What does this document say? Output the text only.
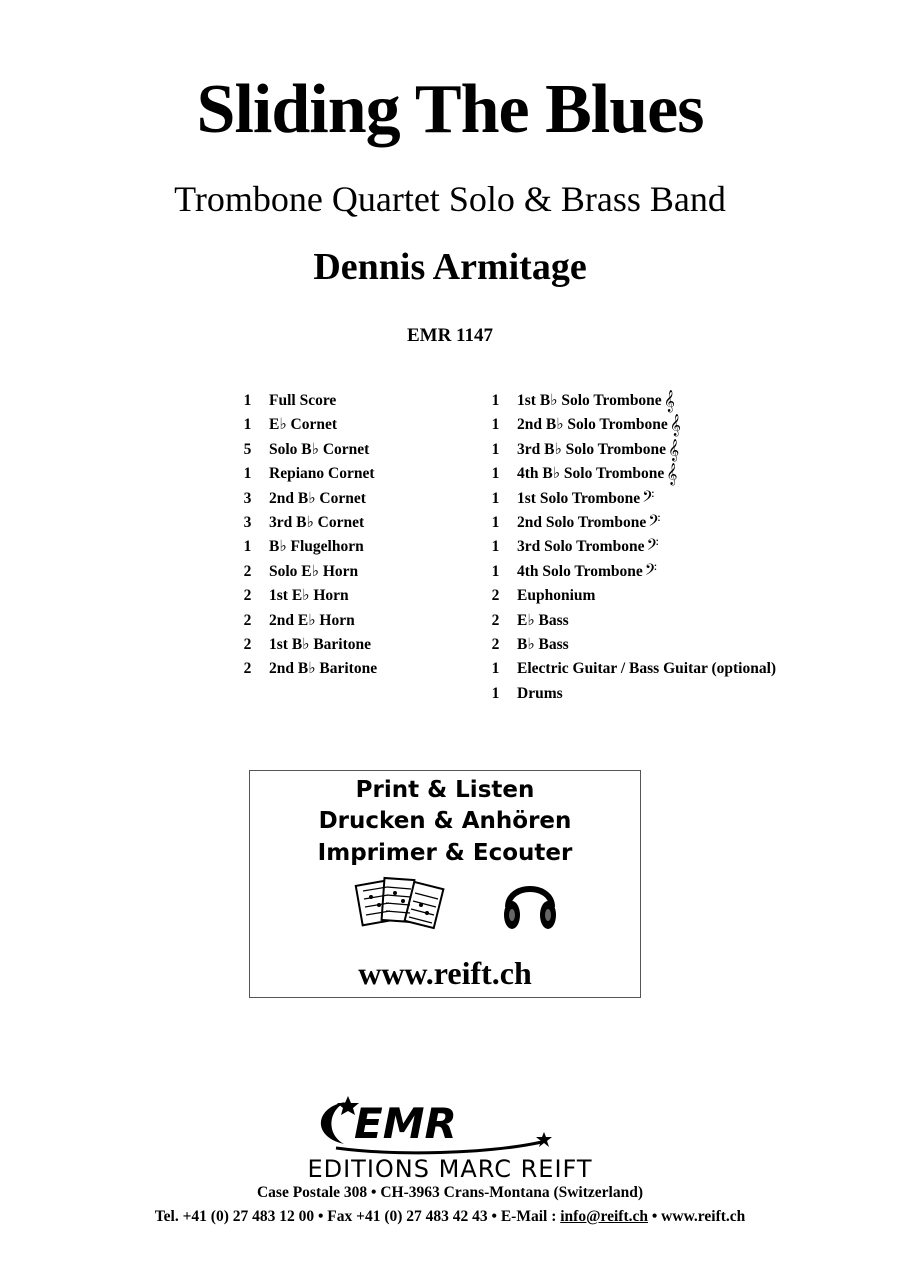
Sliding The Blues
Trombone Quartet Solo & Brass Band
Dennis Armitage
EMR 1147
1	Full Score
1	E♭ Cornet
5	Solo B♭ Cornet
1	Repiano Cornet
3	2nd B♭ Cornet
3	3rd B♭ Cornet
1	B♭ Flugelhorn
2	Solo E♭ Horn
2	1st E♭ Horn
2	2nd E♭ Horn
2	1st B♭ Baritone
2	2nd B♭ Baritone
1	1st B♭ Solo Trombone 𝄞
1	2nd B♭ Solo Trombone 𝄞
1	3rd B♭ Solo Trombone 𝄞
1	4th B♭ Solo Trombone 𝄞
1	1st Solo Trombone 𝄢
1	2nd Solo Trombone 𝄢
1	3rd Solo Trombone 𝄢
1	4th Solo Trombone 𝄢
2	Euphonium
2	E♭ Bass
2	B♭ Bass
1	Electric Guitar / Bass Guitar (optional)
1	Drums
Print & Listen
Drucken & Anhören
Imprimer & Ecouter
www.reift.ch
EMR
EDITIONS MARC REIFT
Case Postale 308 • CH-3963 Crans-Montana (Switzerland)
Tel. +41 (0) 27 483 12 00 • Fax +41 (0) 27 483 42 43 • E-Mail : info@reift.ch • www.reift.ch
